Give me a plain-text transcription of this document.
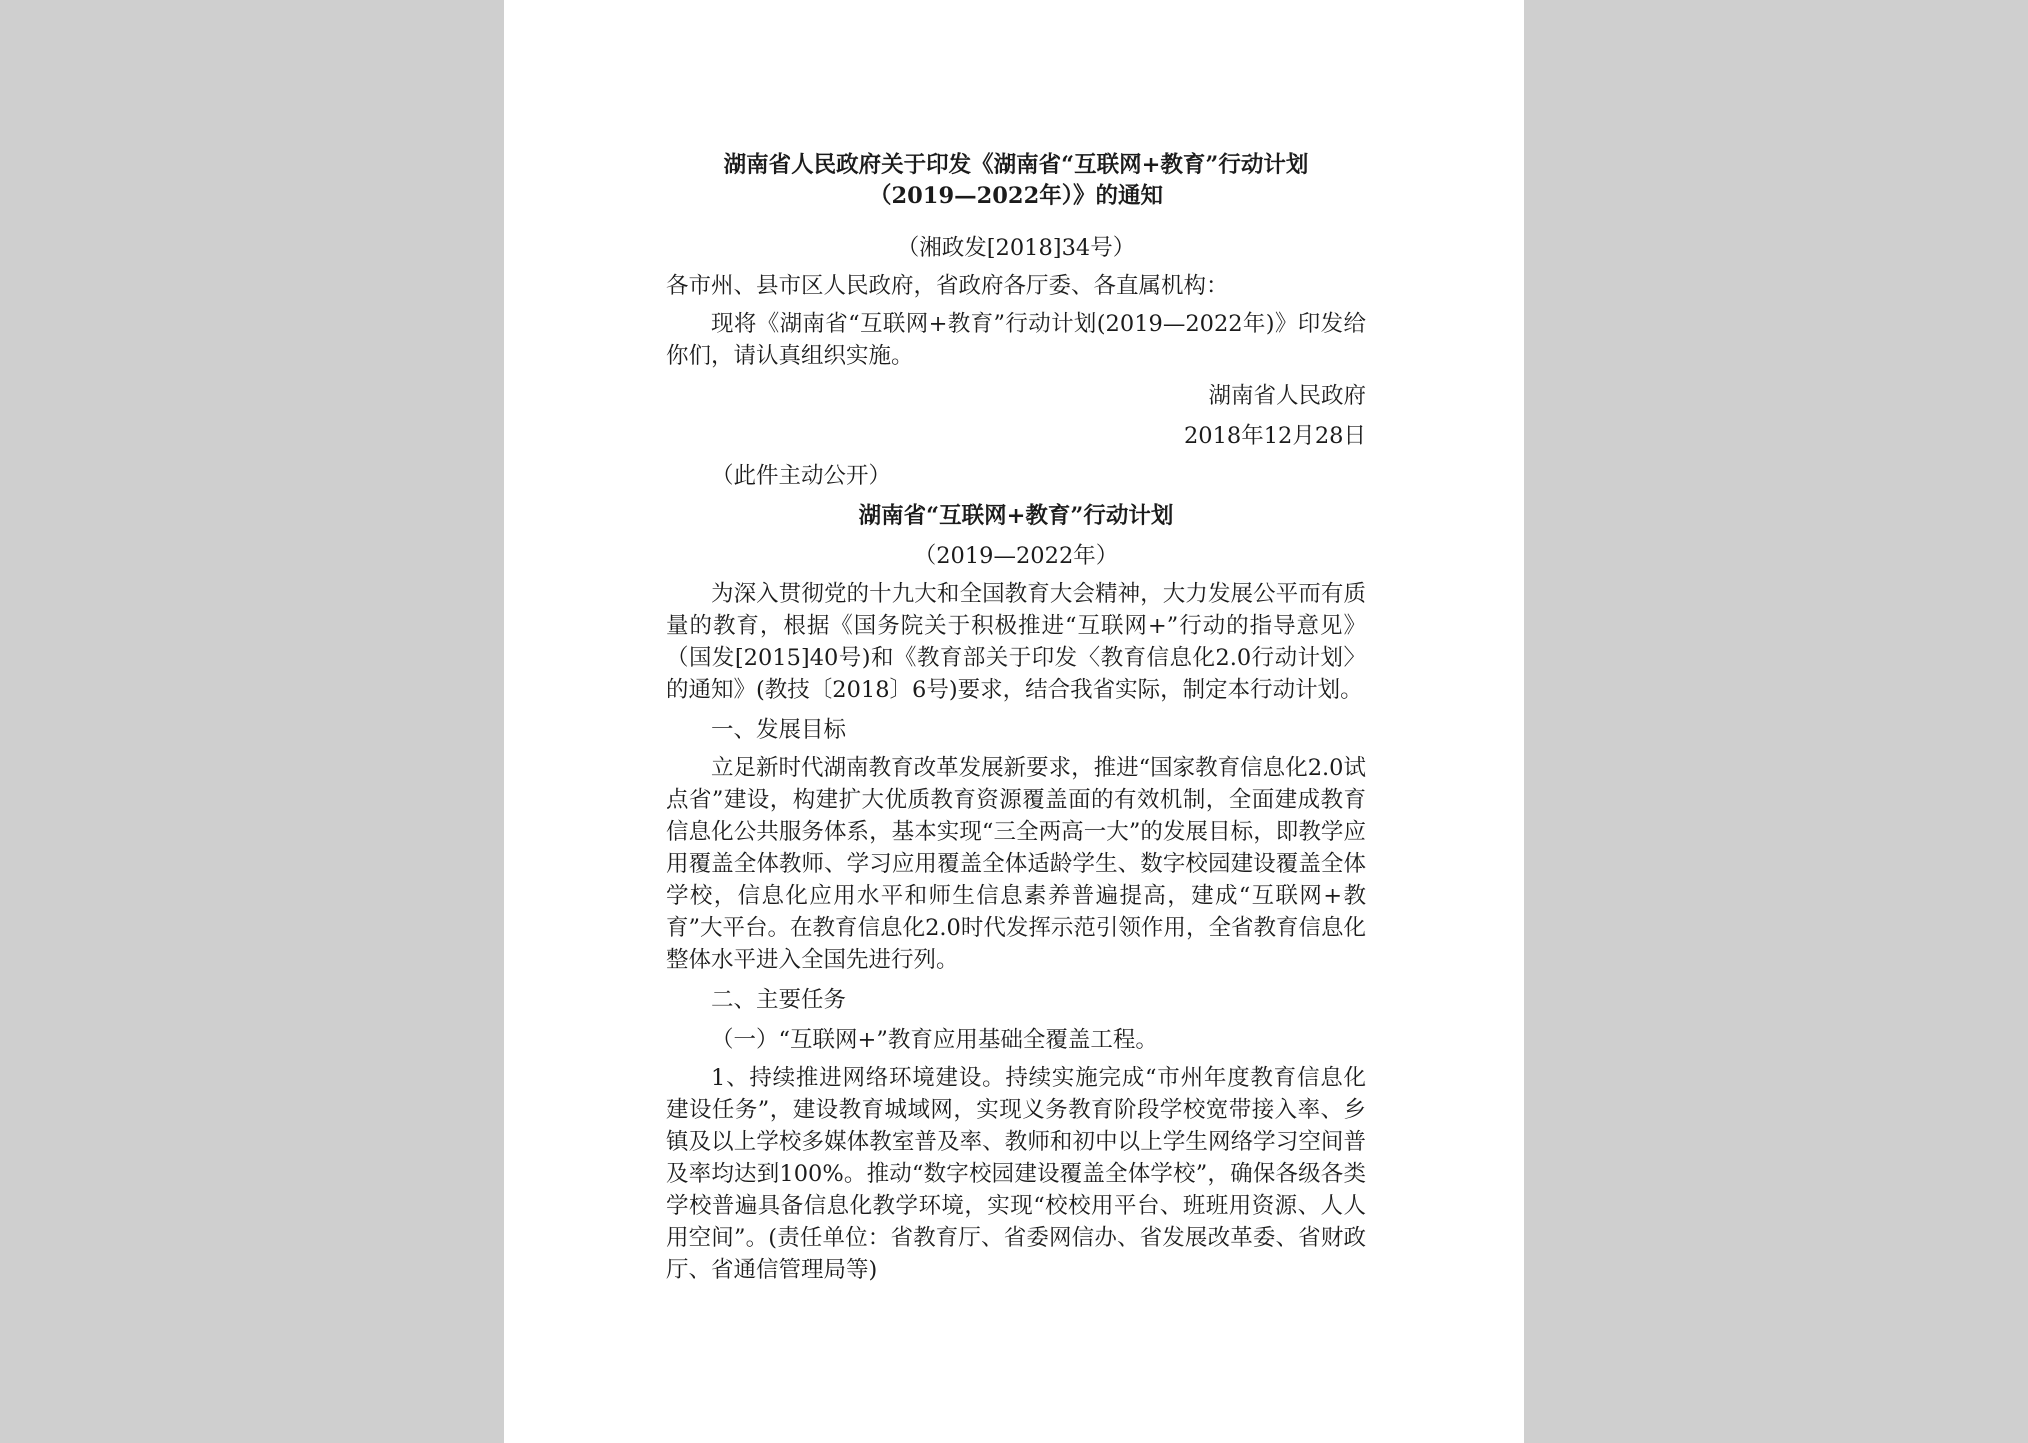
湖南省人民政府关于印发《湖南省“互联网+教育”行动计划

（2019—2022年）》的通知

（湘政发[2018]34号）
各市州、县市区人民政府，省政府各厅委、各直属机构：

现将《湖南省“互联网+教育”行动计划(2019—2022年)》印发给你们，请认真组织实施。

湖南省人民政府

2018年12月28日

（此件主动公开）

湖南省“互联网+教育”行动计划

（2019—2022年）

为深入贯彻党的十九大和全国教育大会精神，大力发展公平而有质量的教育，根据《国务院关于积极推进“互联网+”行动的指导意见》（国发[2015]40号)和《教育部关于印发〈教育信息化2.0行动计划〉的通知》(教技〔2018〕6号)要求，结合我省实际，制定本行动计划。

一、发展目标

立足新时代湖南教育改革发展新要求，推进“国家教育信息化2.0试点省”建设，构建扩大优质教育资源覆盖面的有效机制，全面建成教育信息化公共服务体系，基本实现“三全两高一大”的发展目标，即教学应用覆盖全体教师、学习应用覆盖全体适龄学生、数字校园建设覆盖全体学校，信息化应用水平和师生信息素养普遍提高，建成“互联网+教育”大平台。在教育信息化2.0时代发挥示范引领作用，全省教育信息化整体水平进入全国先进行列。

二、主要任务

（一）“互联网+”教育应用基础全覆盖工程。

1、持续推进网络环境建设。持续实施完成“市州年度教育信息化建设任务”，建设教育城域网，实现义务教育阶段学校宽带接入率、乡镇及以上学校多媒体教室普及率、教师和初中以上学生网络学习空间普及率均达到100%。推动“数字校园建设覆盖全体学校”，确保各级各类学校普遍具备信息化教学环境，实现“校校用平台、班班用资源、人人用空间”。(责任单位：省教育厅、省委网信办、省发展改革委、省财政厅、省通信管理局等)
